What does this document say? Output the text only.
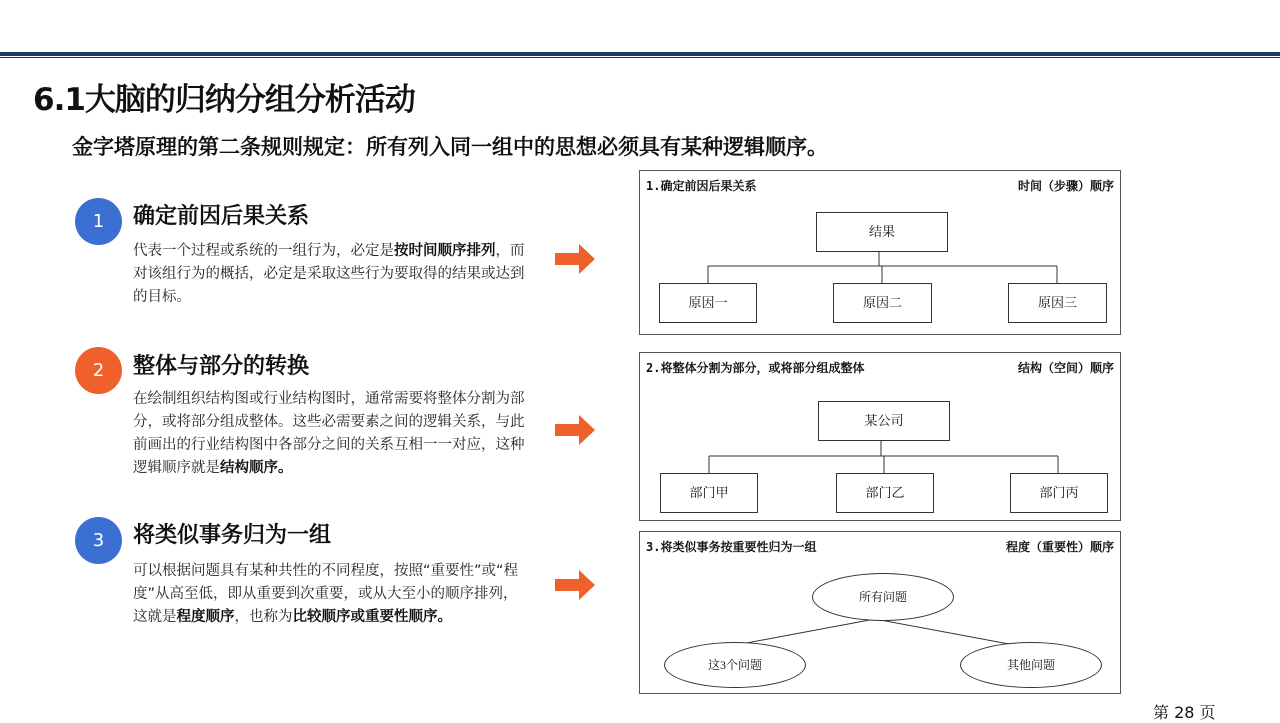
6.1大脑的归纳分组分析活动
金字塔原理的第二条规则规定：所有列入同一组中的思想必须具有某种逻辑顺序。
1	确定前因后果关系
代表一个过程或系统的一组行为，必定是按时间顺序排列，而对该组行为的概括，必定是采取这些行为要取得的结果或达到的目标。
2	整体与部分的转换
在绘制组织结构图或行业结构图时，通常需要将整体分割为部分，或将部分组成整体。这些必需要素之间的逻辑关系，与此前画出的行业结构图中各部分之间的关系互相一一对应，这种逻辑顺序就是结构顺序。
3	将类似事务归为一组
可以根据问题具有某种共性的不同程度，按照“重要性”或“程度”从高至低，即从重要到次重要，或从大至小的顺序排列，这就是程度顺序，也称为比较顺序或重要性顺序。
1.确定前因后果关系	时间（步骤）顺序
结果
原因一	原因二	原因三
2.将整体分割为部分，或将部分组成整体	结构（空间）顺序
某公司
部门甲	部门乙	部门丙
3.将类似事务按重要性归为一组	程度（重要性）顺序
所有问题
这3个问题	其他问题
第 28 页
